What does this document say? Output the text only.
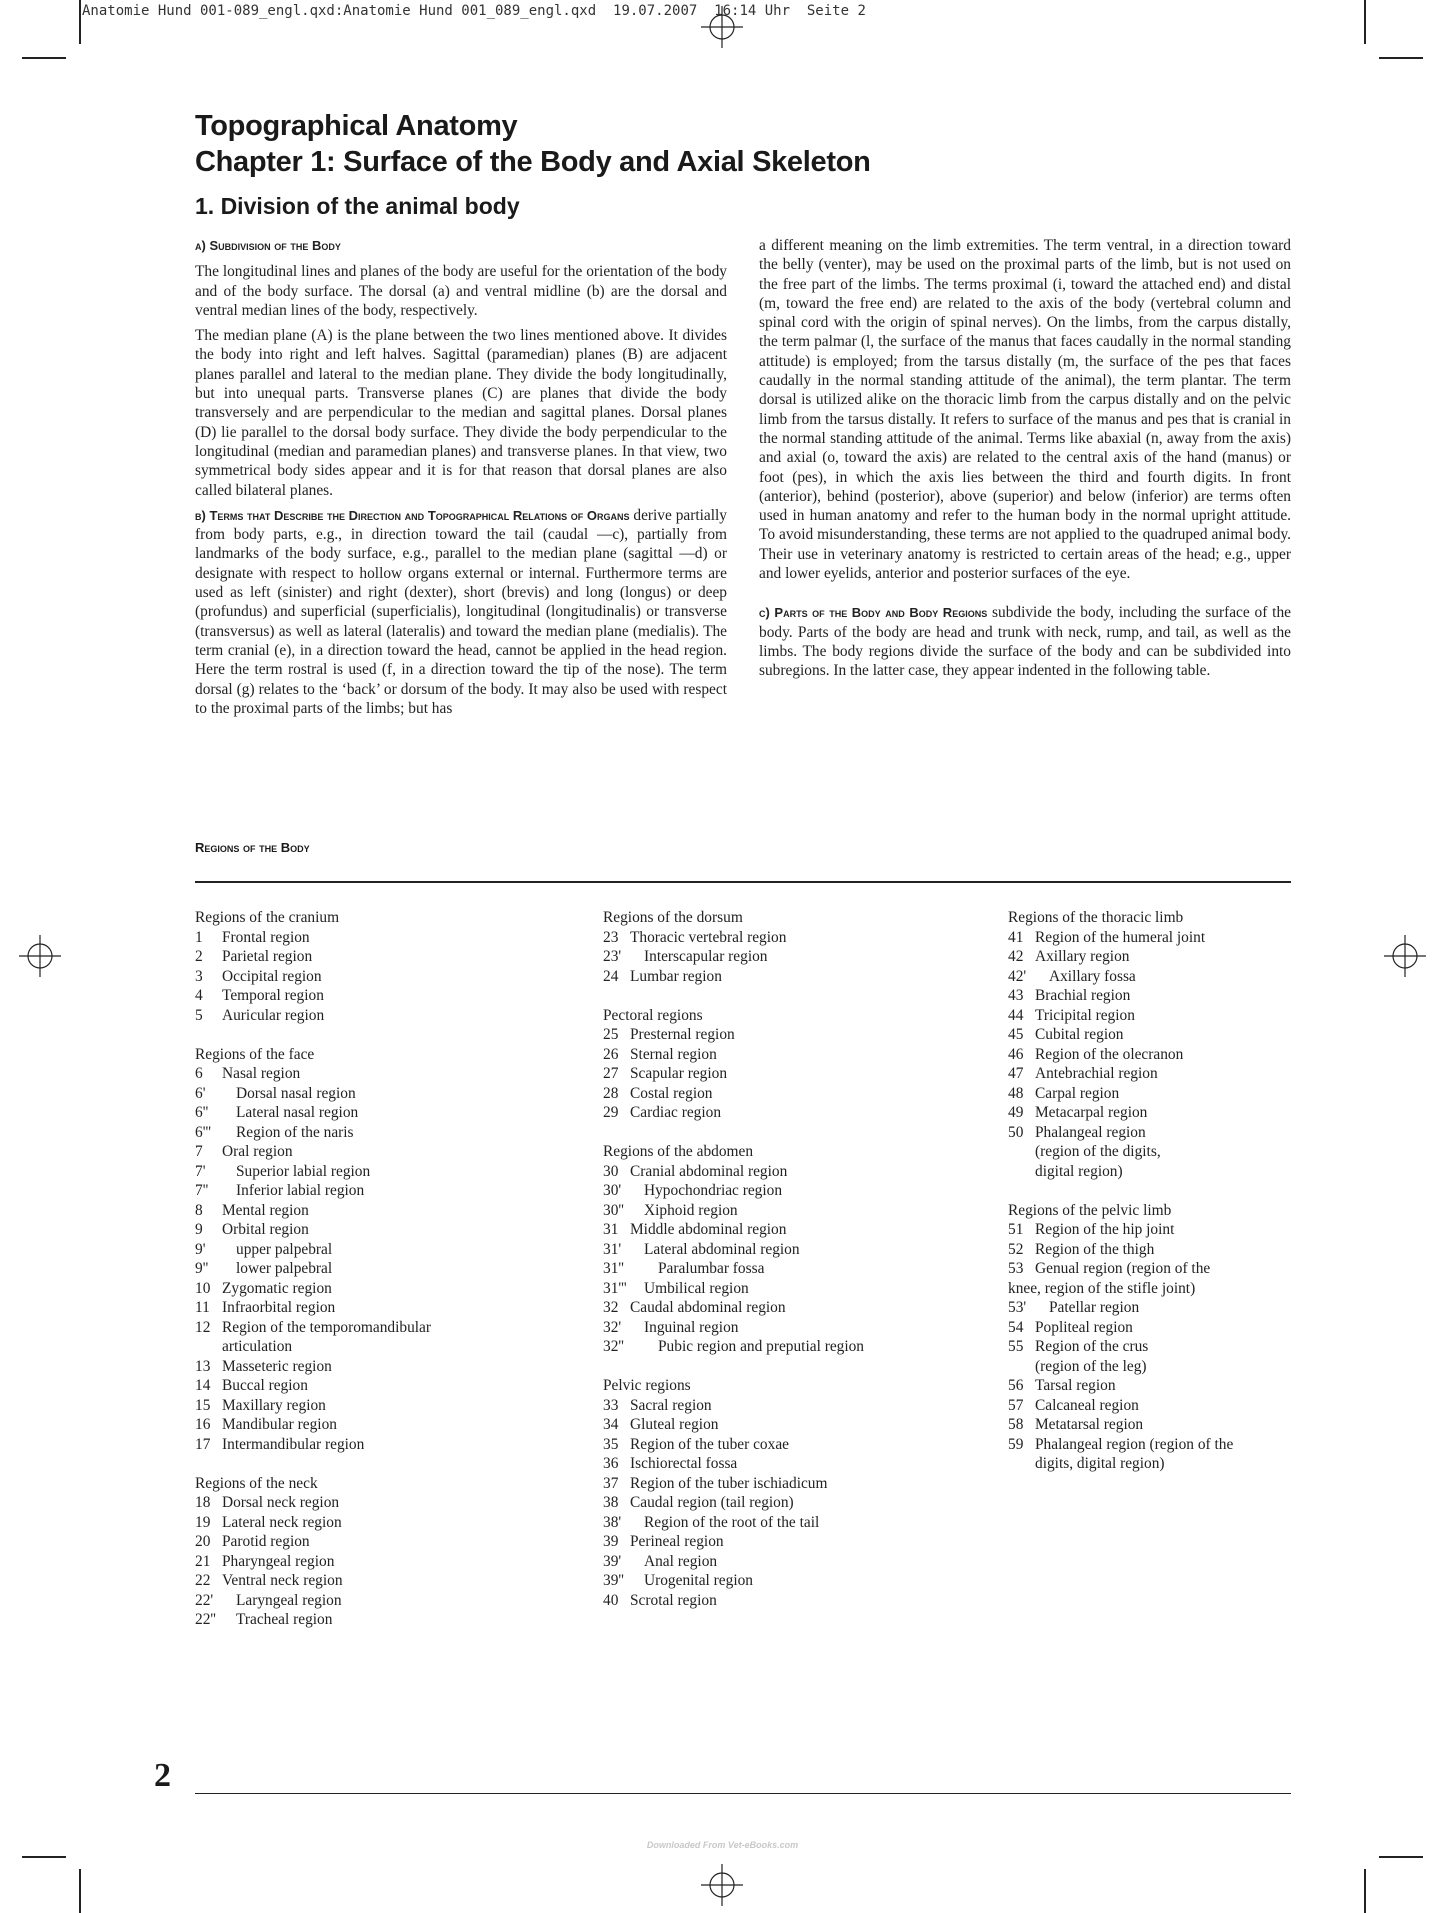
Anatomie Hund 001-089_engl.qxd:Anatomie Hund 001_089_engl.qxd  19.07.2007  16:14 Uhr  Seite 2
Topographical Anatomy
Chapter 1: Surface of the Body and Axial Skeleton
1. Division of the animal body

a) Subdivision of the Body

The longitudinal lines and planes of the body are useful for the orientation of the body and of the body surface. The dorsal (a) and ventral midline (b) are the dorsal and ventral median lines of the body, respectively.

The median plane (A) is the plane between the two lines mentioned above. It divides the body into right and left halves. Sagittal (paramedian) planes (B) are adjacent planes parallel and lateral to the median plane. They divide the body longitudinally, but into unequal parts. Transverse planes (C) are planes that divide the body transversely and are perpendicular to the median and sagittal planes. Dorsal planes (D) lie parallel to the dorsal body surface. They divide the body perpendicular to the longitudinal (median and paramedian planes) and transverse planes. In that view, two symmetrical body sides appear and it is for that reason that dorsal planes are also called bilateral planes.

b) Terms that Describe the Direction and Topographical Relations of Organs derive partially from body parts, e.g., in direction toward the tail (caudal —c), partially from landmarks of the body surface, e.g., parallel to the median plane (sagittal —d) or designate with respect to hollow organs external or internal. Furthermore terms are used as left (sinister) and right (dexter), short (brevis) and long (longus) or deep (profundus) and superficial (superficialis), longitudinal (longitudinalis) or transverse (transversus) as well as lateral (lateralis) and toward the median plane (medialis). The term cranial (e), in a direction toward the head, cannot be applied in the head region. Here the term rostral is used (f, in a direction toward the tip of the nose). The term dorsal (g) relates to the ‘back’ or dorsum of the body. It may also be used with respect to the proximal parts of the limbs; but has

a different meaning on the limb extremities. The term ventral, in a direction toward the belly (venter), may be used on the proximal parts of the limb, but is not used on the free part of the limbs. The terms proximal (i, toward the attached end) and distal (m, toward the free end) are related to the axis of the body (vertebral column and spinal cord with the origin of spinal nerves). On the limbs, from the carpus distally, the term palmar (l, the surface of the manus that faces caudally in the normal standing attitude) is employed; from the tarsus distally (m, the surface of the pes that faces caudally in the normal standing attitude of the animal), the term plantar. The term dorsal is utilized alike on the thoracic limb from the carpus distally and on the pelvic limb from the tarsus distally. It refers to surface of the manus and pes that is cranial in the normal standing attitude of the animal. Terms like abaxial (n, away from the axis) and axial (o, toward the axis) are related to the central axis of the hand (manus) or foot (pes), in which the axis lies between the third and fourth digits. In front (anterior), behind (posterior), above (superior) and below (inferior) are terms often used in human anatomy and refer to the human body in the normal upright attitude. To avoid misunderstanding, these terms are not applied to the quadruped animal body. Their use in veterinary anatomy is restricted to certain areas of the head; e.g., upper and lower eyelids, anterior and posterior surfaces of the eye.

c) Parts of the Body and Body Regions subdivide the body, including the surface of the body. Parts of the body are head and trunk with neck, rump, and tail, as well as the limbs. The body regions divide the surface of the body and can be subdivided into subregions. In the latter case, they appear indented in the following table.

Regions of the Body
Regions of the cranium
1	Frontal region
2	Parietal region
3	Occipital region
4	Temporal region
5	Auricular region
Regions of the face
6	Nasal region
6'	Dorsal nasal region
6''	Lateral nasal region
6'''	Region of the naris
7	Oral region
7'	Superior labial region
7''	Inferior labial region
8	Mental region
9	Orbital region
9'	upper palpebral
9''	lower palpebral
10 Zygomatic region
11 Infraorbital region
12 Region of the temporomandibular
articulation
13 Masseteric region
14 Buccal region
15 Maxillary region
16 Mandibular region
17 Intermandibular region
Regions of the neck
18 Dorsal neck region
19 Lateral neck region
20 Parotid region
21 Pharyngeal region
22 Ventral neck region
22'	Laryngeal region
22''	Tracheal region
Regions of the dorsum
23 Thoracic vertebral region
23'	Interscapular region
24 Lumbar region
Pectoral regions
25 Presternal region
26 Sternal region
27 Scapular region
28 Costal region
29 Cardiac region
Regions of the abdomen
30 Cranial abdominal region
30'	Hypochondriac region
30''	Xiphoid region
31 Middle abdominal region
31'	Lateral abdominal region
31''	Paralumbar fossa
31'''	Umbilical region
32 Caudal abdominal region
32'	Inguinal region
32''	Pubic region and preputial region
Pelvic regions
33 Sacral region
34 Gluteal region
35 Region of the tuber coxae
36 Ischiorectal fossa
37 Region of the tuber ischiadicum
38 Caudal region (tail region)
38'	Region of the root of the tail
39 Perineal region
39'	Anal region
39''	Urogenital region
40 Scrotal region
Regions of the thoracic limb
41 Region of the humeral joint
42 Axillary region
42'	Axillary fossa
43 Brachial region
44 Tricipital region
45 Cubital region
46 Region of the olecranon
47 Antebrachial region
48 Carpal region
49 Metacarpal region
50 Phalangeal region
(region of the digits,
digital region)
Regions of the pelvic limb
51 Region of the hip joint
52 Region of the thigh
53 Genual region (region of the
knee, region of the stifle joint)
53'	Patellar region
54 Popliteal region
55 Region of the crus
(region of the leg)
56 Tarsal region
57 Calcaneal region
58 Metatarsal region
59 Phalangeal region (region of the
digits, digital region)
2
Downloaded From Vet-eBooks.com
